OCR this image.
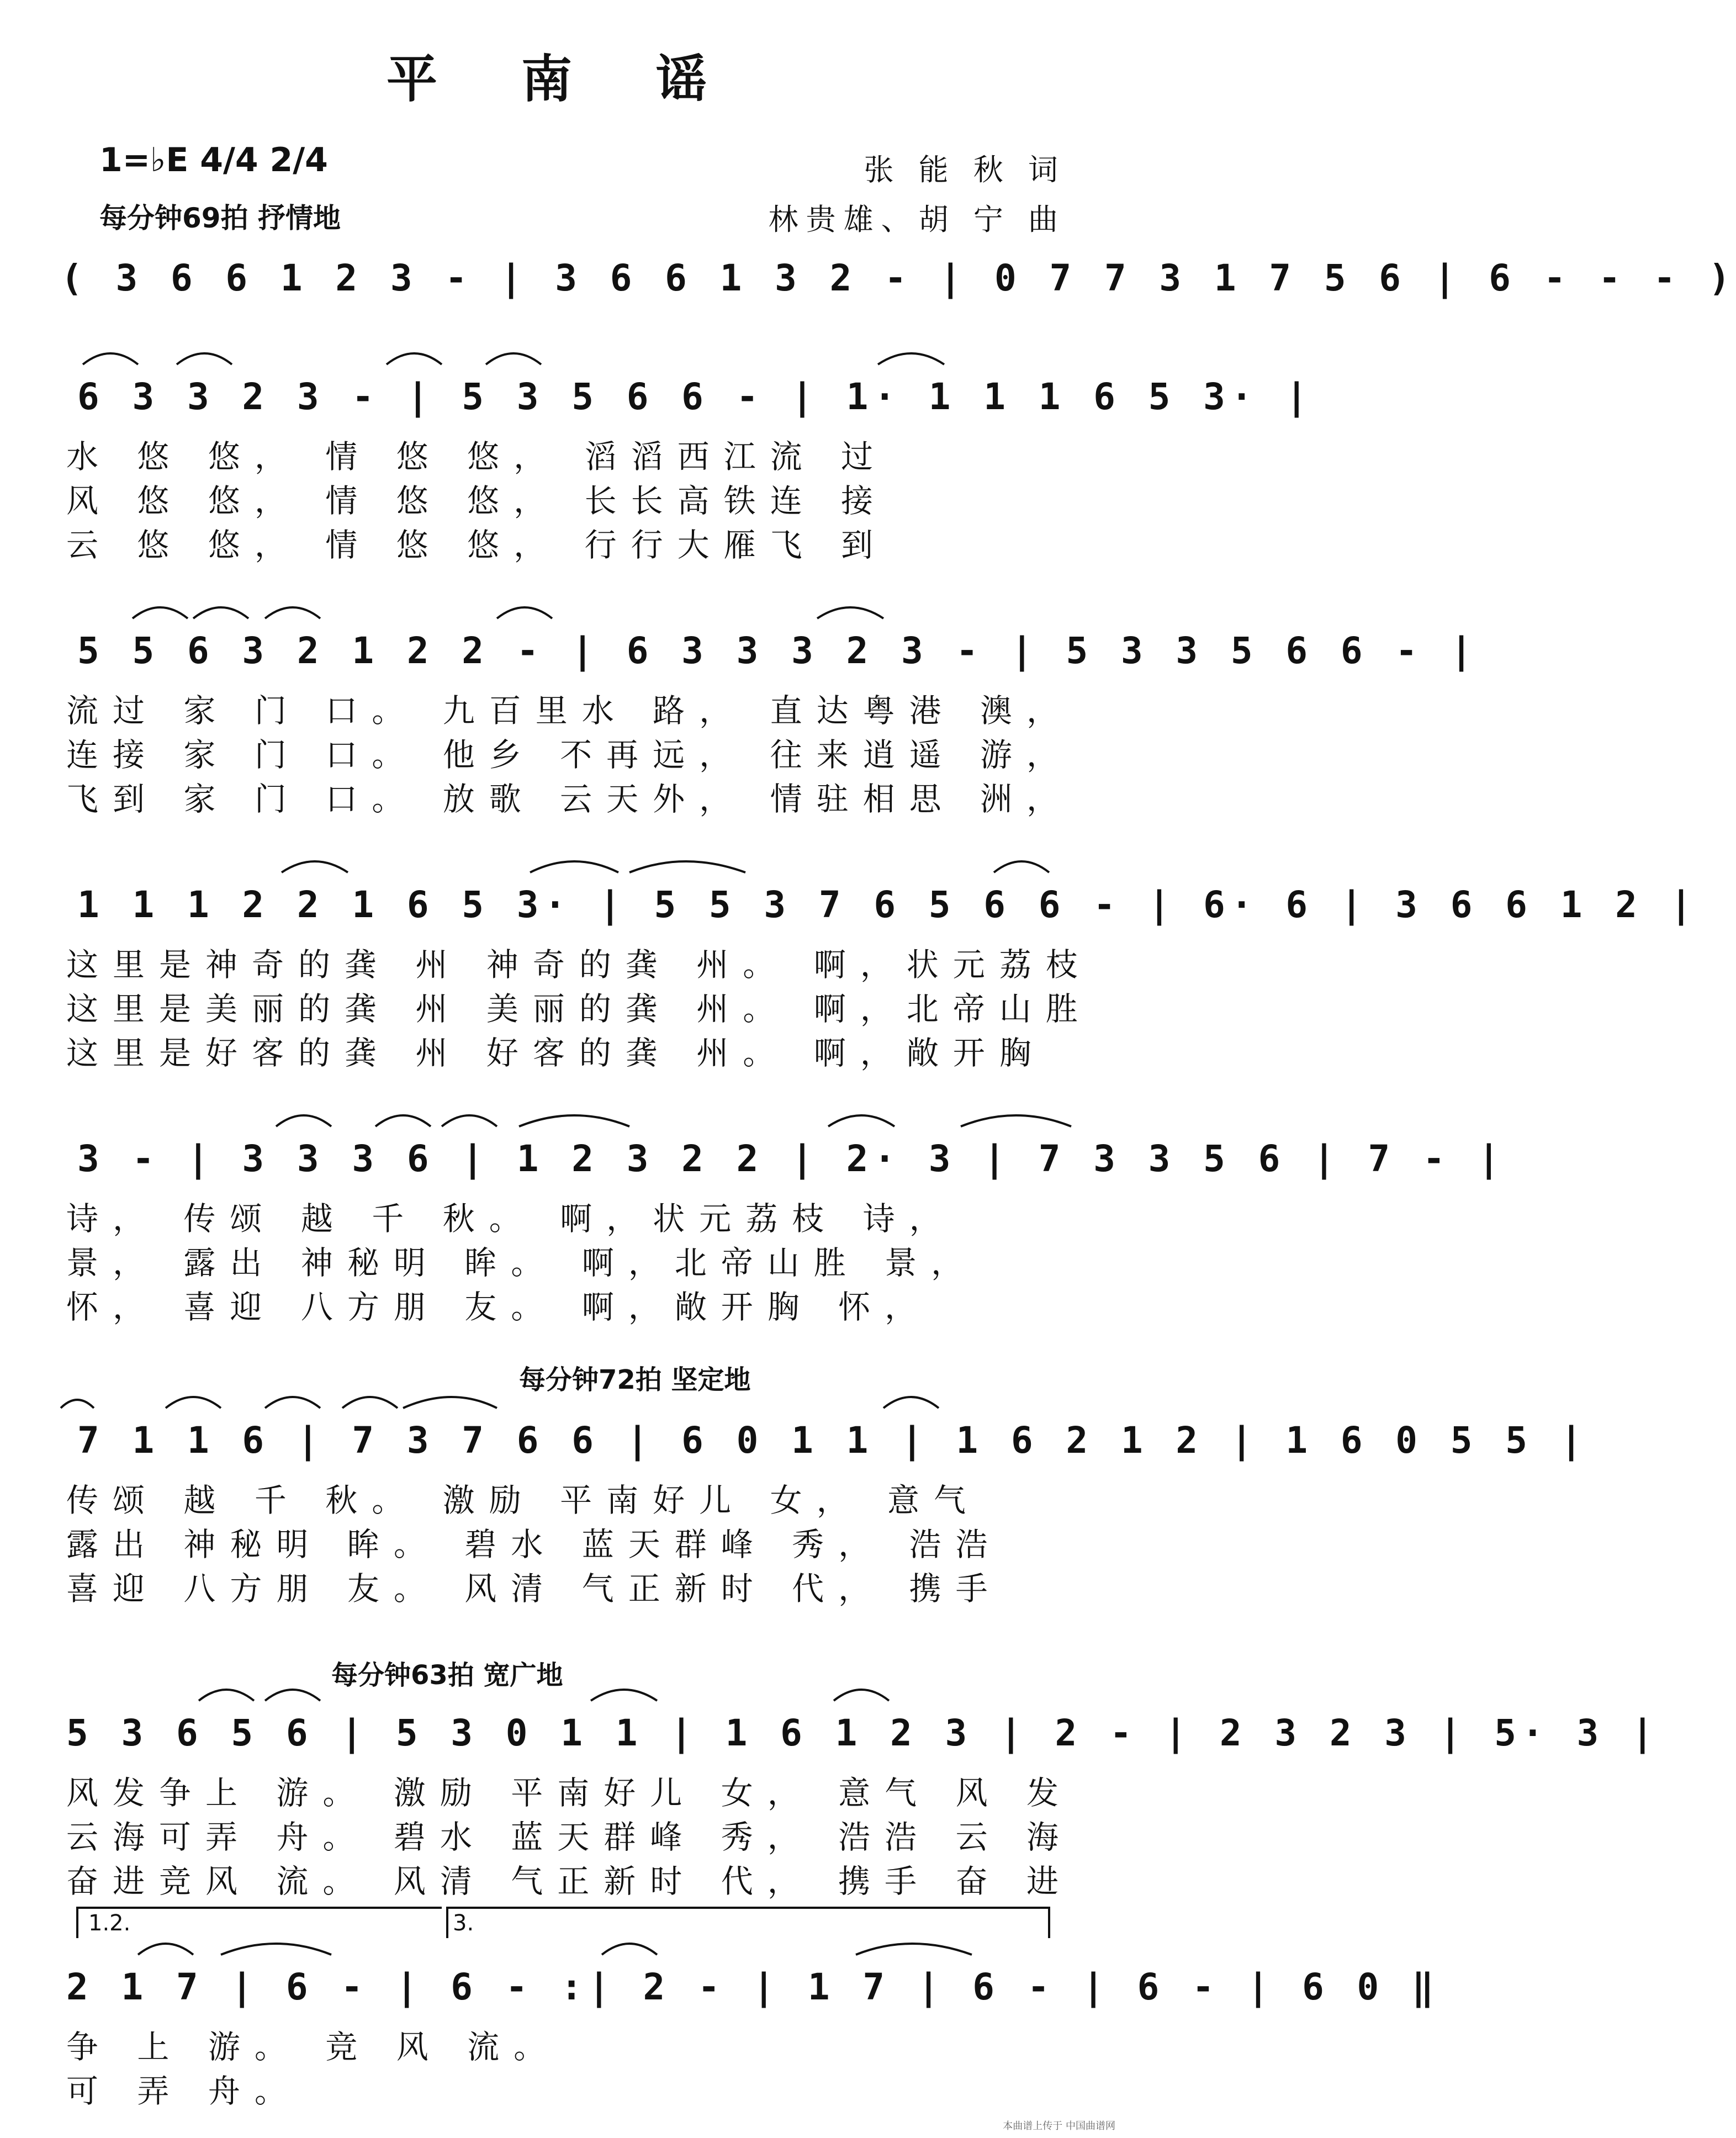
平 南 谣
1=♭E 4/4 2/4
每分钟69拍 抒情地
张 能 秋 词
林贵雄、胡 宁 曲
( 3 6 6 1 2 3 - | 3 6 6 1 3 2 - | 0 7 7 3 1 7 5 6 | 6 - - - )
6 3 3 2 3 - | 5 3 5 6 6 - | 1· 1 1 1 6 5 3· |
水 悠 悠， 情 悠 悠， 滔滔西江流 过
风 悠 悠， 情 悠 悠， 长长高铁连 接
云 悠 悠， 情 悠 悠， 行行大雁飞 到
5 5 6 3 2 1 2 2 - | 6 3 3 3 2 3 - | 5 3 3 5 6 6 - |
流过 家 门 口。 九百里水 路， 直达粤港 澳，
连接 家 门 口。 他乡 不再远， 往来逍遥 游，
飞到 家 门 口。 放歌 云天外， 情驻相思 洲，
1 1 1 2 2 1 6 5 3· | 5 5 3 7 6 5 6 6 - | 6· 6 | 3 6 6 1 2 |
这里是神奇的龚 州 神奇的龚 州。 啊，状元荔枝
这里是美丽的龚 州 美丽的龚 州。 啊，北帝山胜
这里是好客的龚 州 好客的龚 州。 啊，敞开胸
3 - | 3 3 3 6 | 1 2 3 2 2 | 2· 3 | 7 3 3 5 6 | 7 - |
诗， 传颂 越 千 秋。 啊，状元荔枝 诗，
景， 露出 神秘明 眸。 啊，北帝山胜 景，
怀， 喜迎 八方朋 友。 啊，敞开胸 怀，
每分钟72拍 坚定地
7 1 1 6 | 7 3 7 6 6 | 6 0 1 1 | 1 6 2 1 2 | 1 6 0 5 5 |
传颂 越 千 秋。 激励 平南好儿 女， 意气
露出 神秘明 眸。 碧水 蓝天群峰 秀， 浩浩
喜迎 八方朋 友。 风清 气正新时 代， 携手
每分钟63拍 宽广地
5 3 6 5 6 | 5 3 0 1 1 | 1 6 1 2 3 | 2 - | 2 3 2 3 | 5· 3 |
风发争上 游。 激励 平南好儿 女， 意气 风 发
云海可弄 舟。 碧水 蓝天群峰 秀， 浩浩 云 海
奋进竞风 流。 风清 气正新时 代， 携手 奋 进
1.2.	3.
2 1 7 | 6 - | 6 - :| 2 - | 1 7 | 6 - | 6 - | 6 0 ‖
争 上 游。 竞 风 流。
可 弄 舟。
本曲谱上传于 中国曲谱网
